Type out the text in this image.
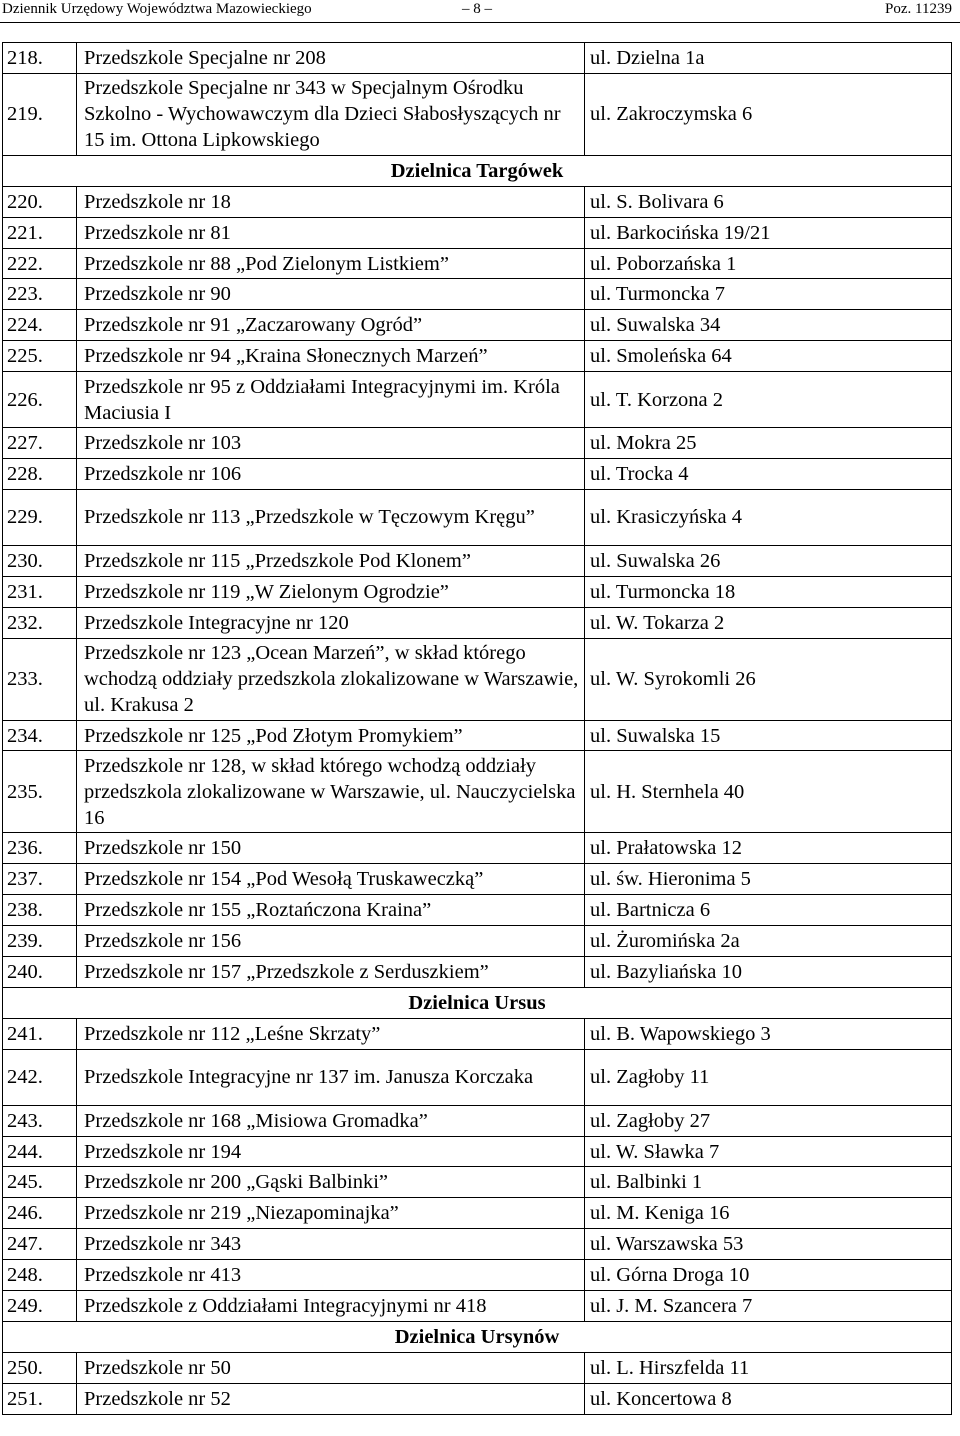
Dziennik Urzędowy Województwa Mazowieckiego	– 8 –	Poz. 11239
218.	Przedszkole Specjalne nr 208	ul. Dzielna 1a
219.	Przedszkole Specjalne nr 343 w Specjalnym Ośrodku Szkolno - Wychowawczym dla Dzieci Słabosłyszących nr 15 im. Ottona Lipkowskiego	ul. Zakroczymska 6
Dzielnica Targówek		
220.	Przedszkole nr 18	ul. S. Bolivara 6
221.	Przedszkole nr 81	ul. Barkocińska 19/21
222.	Przedszkole nr 88 „Pod Zielonym Listkiem”	ul. Poborzańska 1
223.	Przedszkole nr 90	ul. Turmoncka 7
224.	Przedszkole nr 91 „Zaczarowany Ogród”	ul. Suwalska 34
225.	Przedszkole nr 94 „Kraina Słonecznych Marzeń”	ul. Smoleńska 64
226.	Przedszkole nr 95 z Oddziałami Integracyjnymi im. Króla Maciusia I	ul. T. Korzona 2
227.	Przedszkole nr 103	ul. Mokra 25
228.	Przedszkole nr 106	ul. Trocka 4
229.	Przedszkole nr 113 „Przedszkole w Tęczowym Kręgu”	ul. Krasiczyńska 4
230.	Przedszkole nr 115 „Przedszkole Pod Klonem”	ul. Suwalska 26
231.	Przedszkole nr 119 „W Zielonym Ogrodzie”	ul. Turmoncka 18
232.	Przedszkole Integracyjne nr 120	ul. W. Tokarza 2
233.	Przedszkole nr 123 „Ocean Marzeń”, w skład którego wchodzą oddziały przedszkola zlokalizowane w Warszawie, ul. Krakusa 2	ul. W. Syrokomli 26
234.	Przedszkole nr 125 „Pod Złotym Promykiem”	ul. Suwalska 15
235.	Przedszkole nr 128, w skład którego wchodzą oddziały przedszkola zlokalizowane w Warszawie, ul. Nauczycielska 16	ul. H. Sternhela 40
236.	Przedszkole nr 150	ul. Prałatowska 12
237.	Przedszkole nr 154 „Pod Wesołą Truskaweczką”	ul. św. Hieronima 5
238.	Przedszkole nr 155 „Roztańczona Kraina”	ul. Bartnicza 6
239.	Przedszkole nr 156	ul. Żuromińska 2a
240.	Przedszkole nr 157 „Przedszkole z Serduszkiem”	ul. Bazyliańska 10
Dzielnica Ursus		
241.	Przedszkole nr 112 „Leśne Skrzaty”	ul. B. Wapowskiego 3
242.	Przedszkole Integracyjne nr 137 im. Janusza Korczaka	ul. Zagłoby 11
243.	Przedszkole nr 168 „Misiowa Gromadka”	ul. Zagłoby 27
244.	Przedszkole nr 194	ul. W. Sławka 7
245.	Przedszkole nr 200 „Gąski Balbinki”	ul. Balbinki 1
246.	Przedszkole nr 219 „Niezapominajka”	ul. M. Keniga 16
247.	Przedszkole nr 343	ul. Warszawska 53
248.	Przedszkole nr 413	ul. Górna Droga 10
249.	Przedszkole z Oddziałami Integracyjnymi nr 418	ul. J. M. Szancera 7
Dzielnica Ursynów		
250.	Przedszkole nr 50	ul. L. Hirszfelda 11
251.	Przedszkole nr 52	ul. Koncertowa 8
